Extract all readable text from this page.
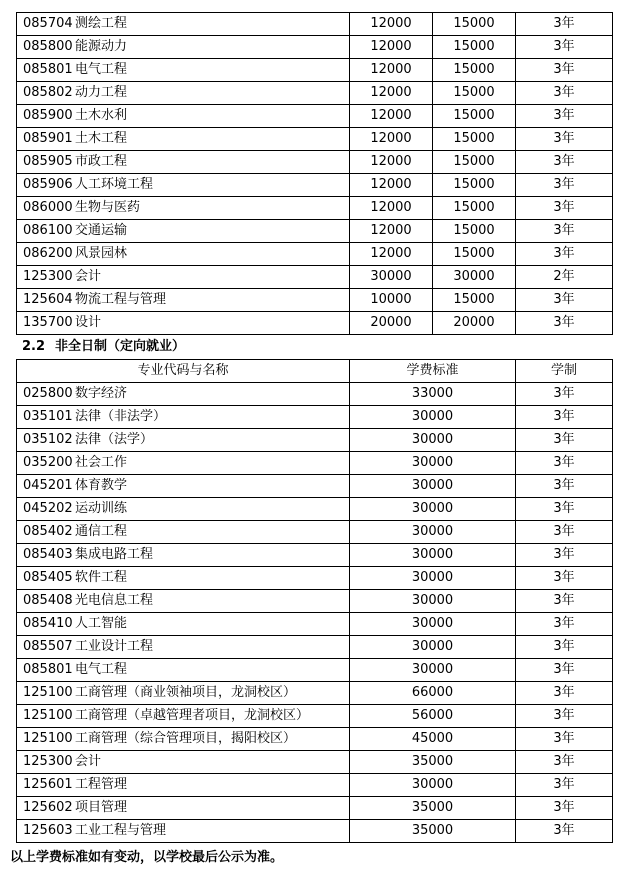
085704 测绘工程	12000	15000	3年
085800 能源动力	12000	15000	3年
085801 电气工程	12000	15000	3年
085802 动力工程	12000	15000	3年
085900 土木水利	12000	15000	3年
085901 土木工程	12000	15000	3年
085905 市政工程	12000	15000	3年
085906 人工环境工程	12000	15000	3年
086000 生物与医药	12000	15000	3年
086100 交通运输	12000	15000	3年
086200 风景园林	12000	15000	3年
125300 会计	30000	30000	2年
125604 物流工程与管理	10000	15000	3年
135700 设计	20000	20000	3年
2.2 非全日制（定向就业）
专业代码与名称	学费标准	学制
025800 数字经济	33000	3年
035101 法律（非法学）	30000	3年
035102 法律（法学）	30000	3年
035200 社会工作	30000	3年
045201 体育教学	30000	3年
045202 运动训练	30000	3年
085402 通信工程	30000	3年
085403 集成电路工程	30000	3年
085405 软件工程	30000	3年
085408 光电信息工程	30000	3年
085410 人工智能	30000	3年
085507 工业设计工程	30000	3年
085801 电气工程	30000	3年
125100 工商管理（商业领袖项目，龙洞校区）	66000	3年
125100 工商管理（卓越管理者项目，龙洞校区）	56000	3年
125100 工商管理（综合管理项目，揭阳校区）	45000	3年
125300 会计	35000	3年
125601 工程管理	30000	3年
125602 项目管理	35000	3年
125603 工业工程与管理	35000	3年
以上学费标准如有变动，以学校最后公示为准。
